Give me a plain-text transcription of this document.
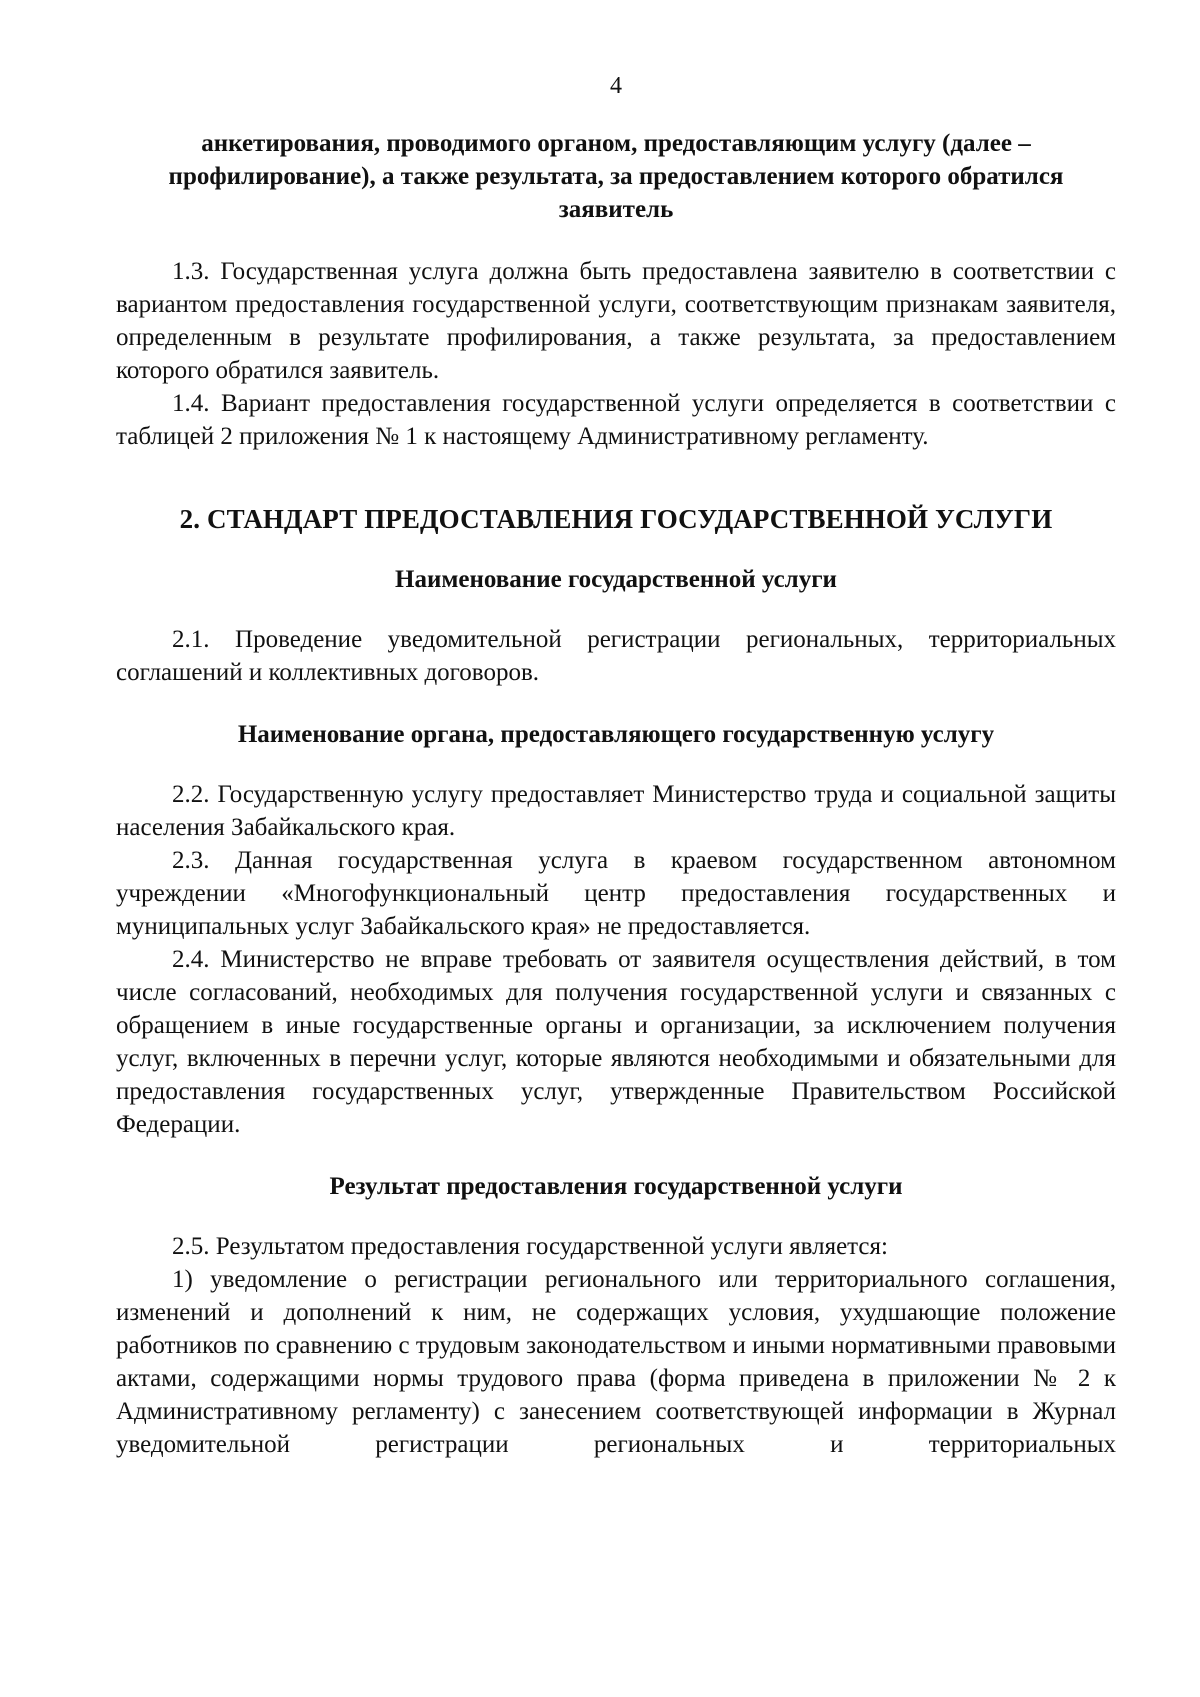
4

анкетирования, проводимого органом, предоставляющим услугу (далее – профилирование), а также результата, за предоставлением которого обратился заявитель

1.3. Государственная услуга должна быть предоставлена заявителю в соответствии с вариантом предоставления государственной услуги, соответствующим признакам заявителя, определенным в результате профилирования, а также результата, за предоставлением которого обратился заявитель.

1.4. Вариант предоставления государственной услуги определяется в соответствии с таблицей 2 приложения № 1 к настоящему Административному регламенту.

2. СТАНДАРТ ПРЕДОСТАВЛЕНИЯ ГОСУДАРСТВЕННОЙ УСЛУГИ

Наименование государственной услуги

2.1. Проведение уведомительной регистрации региональных, территориальных соглашений и коллективных договоров.

Наименование органа, предоставляющего государственную услугу

2.2. Государственную услугу предоставляет Министерство труда и социальной защиты населения Забайкальского края.

2.3. Данная государственная услуга в краевом государственном автономном учреждении «Многофункциональный центр предоставления государственных и муниципальных услуг Забайкальского края» не предоставляется.

2.4. Министерство не вправе требовать от заявителя осуществления действий, в том числе согласований, необходимых для получения государственной услуги и связанных с обращением в иные государственные органы и организации, за исключением получения услуг, включенных в перечни услуг, которые являются необходимыми и обязательными для предоставления государственных услуг, утвержденные Правительством Российской Федерации.

Результат предоставления государственной услуги

2.5. Результатом предоставления государственной услуги является:

1) уведомление о регистрации регионального или территориального соглашения, изменений и дополнений к ним, не содержащих условия, ухудшающие положение работников по сравнению с трудовым законодательством и иными нормативными правовыми актами, содержащими нормы трудового права (форма приведена в приложении № 2 к Административному регламенту) с занесением соответствующей информации в Журнал уведомительной регистрации региональных и территориальных
